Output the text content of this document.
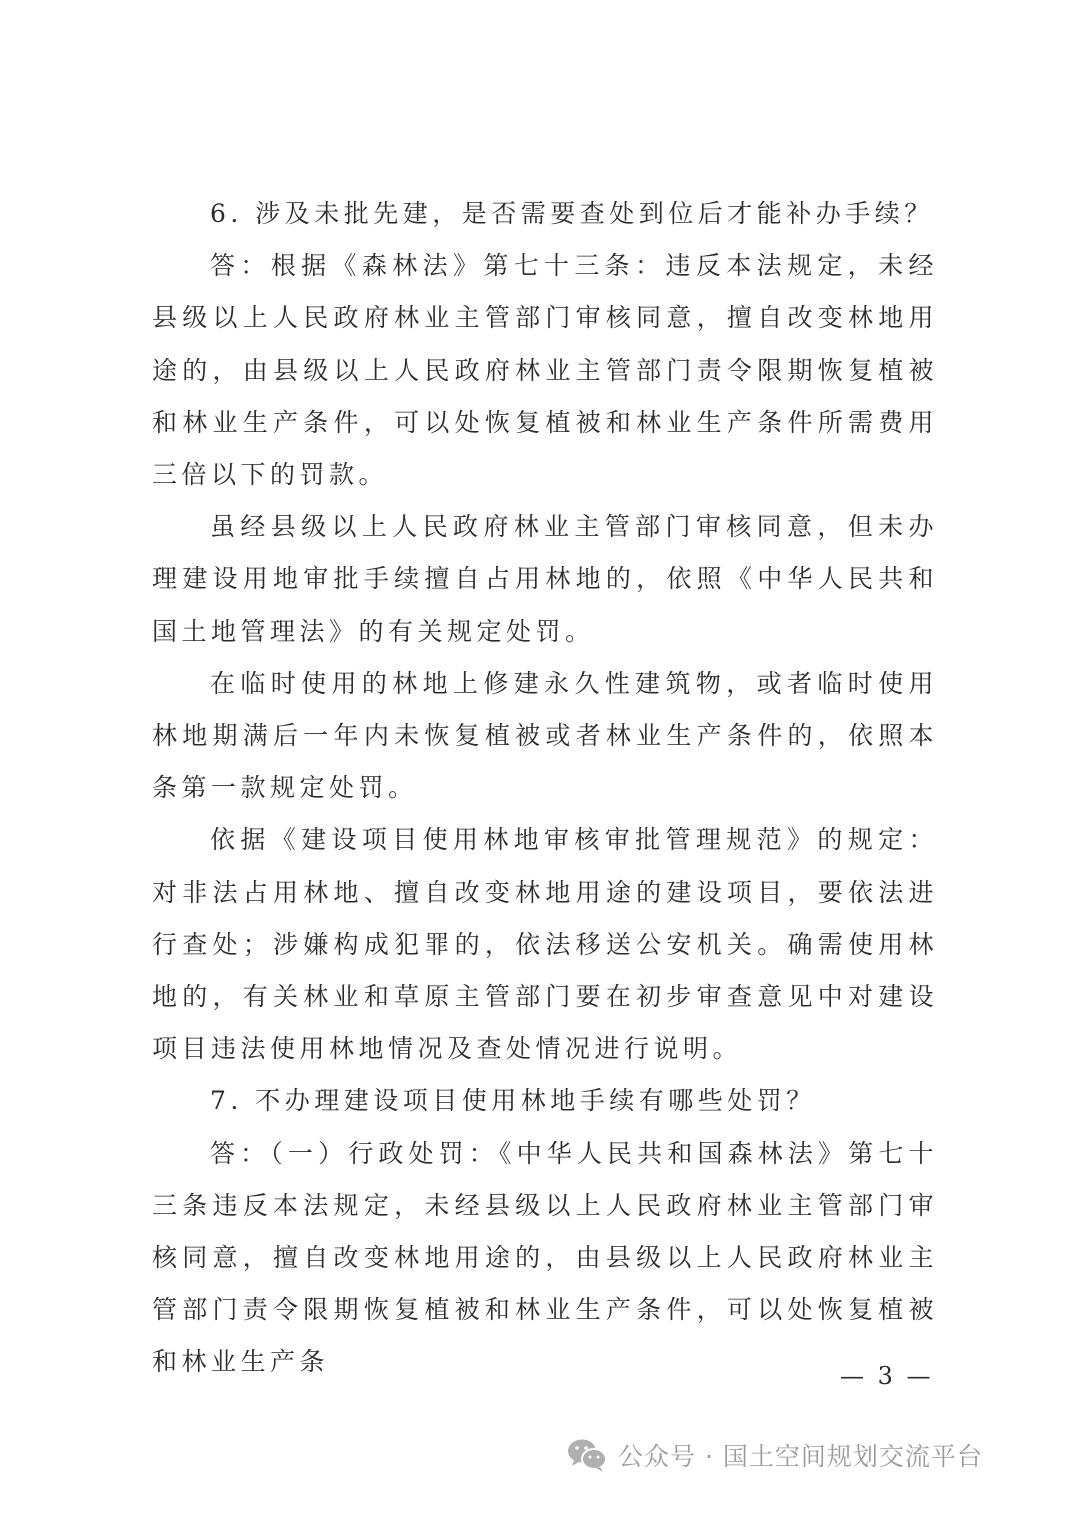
6. 涉及未批先建，是否需要查处到位后才能补办手续？

答：根据《森林法》第七十三条：违反本法规定，未经县级以上人民政府林业主管部门审核同意，擅自改变林地用途的，由县级以上人民政府林业主管部门责令限期恢复植被和林业生产条件，可以处恢复植被和林业生产条件所需费用三倍以下的罚款。

虽经县级以上人民政府林业主管部门审核同意，但未办理建设用地审批手续擅自占用林地的，依照《中华人民共和国土地管理法》的有关规定处罚。

在临时使用的林地上修建永久性建筑物，或者临时使用林地期满后一年内未恢复植被或者林业生产条件的，依照本条第一款规定处罚。

依据《建设项目使用林地审核审批管理规范》的规定：对非法占用林地、擅自改变林地用途的建设项目，要依法进行查处；涉嫌构成犯罪的，依法移送公安机关。确需使用林地的，有关林业和草原主管部门要在初步审查意见中对建设项目违法使用林地情况及查处情况进行说明。

7. 不办理建设项目使用林地手续有哪些处罚？

答：（一）行政处罚：《中华人民共和国森林法》第七十三条违反本法规定，未经县级以上人民政府林业主管部门审核同意，擅自改变林地用途的，由县级以上人民政府林业主管部门责令限期恢复植被和林业生产条件，可以处恢复植被和林业生产条	— 3 —
公众号 · 国土空间规划交流平台
